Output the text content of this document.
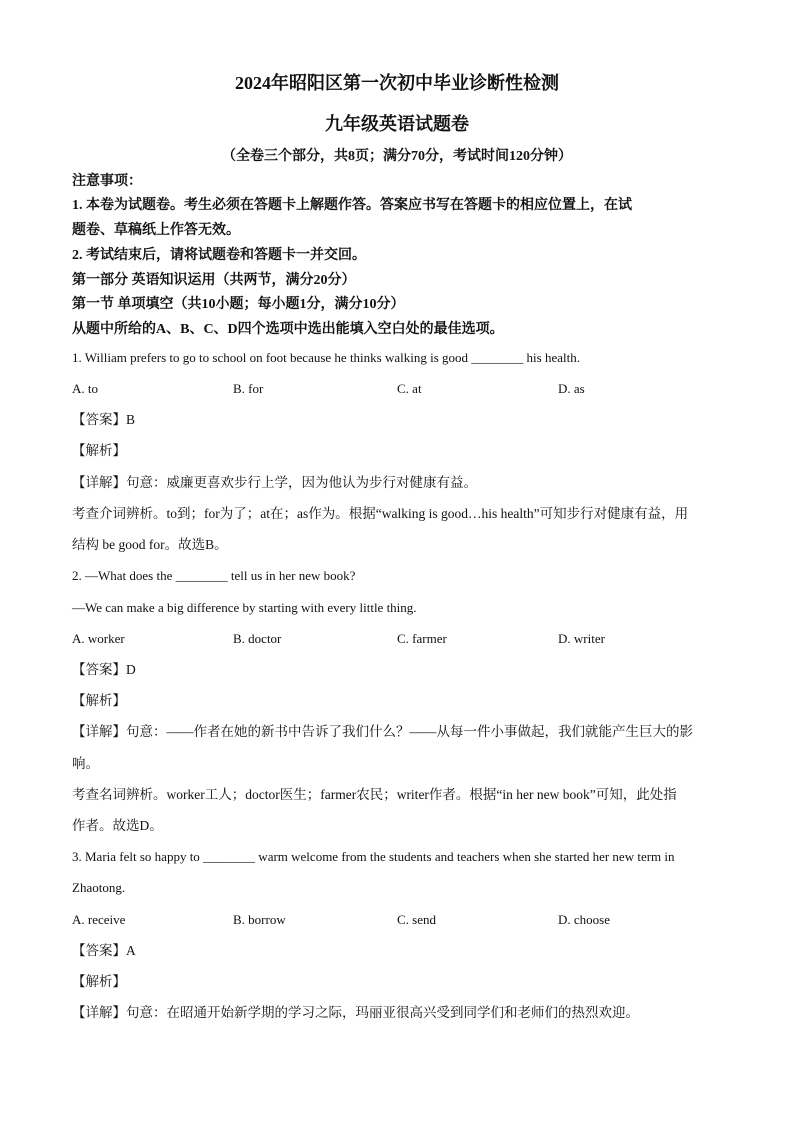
2024年昭阳区第一次初中毕业诊断性检测
九年级英语试题卷
（全卷三个部分，共8页；满分70分，考试时间120分钟）
注意事项：
1. 本卷为试题卷。考生必须在答题卡上解题作答。答案应书写在答题卡的相应位置上，在试
题卷、草稿纸上作答无效。
2. 考试结束后，请将试题卷和答题卡一并交回。
第一部分 英语知识运用（共两节，满分20分）
第一节 单项填空（共10小题；每小题1分，满分10分）
从题中所给的A、B、C、D四个选项中选出能填入空白处的最佳选项。
1. William prefers to go to school on foot because he thinks walking is good ________ his health.
A. to	B. for	C. at	D. as
【答案】B
【解析】
【详解】句意：威廉更喜欢步行上学，因为他认为步行对健康有益。
考查介词辨析。to到；for为了；at在；as作为。根据“walking is good…his health”可知步行对健康有益，用
结构 be good for。故选B。
2. —What does the ________ tell us in her new book?
—We can make a big difference by starting with every little thing.
A. worker	B. doctor	C. farmer	D. writer
【答案】D
【解析】
【详解】句意：——作者在她的新书中告诉了我们什么？——从每一件小事做起，我们就能产生巨大的影
响。
考查名词辨析。worker工人；doctor医生；farmer农民；writer作者。根据“in her new book”可知，此处指
作者。故选D。
3. Maria felt so happy to ________ warm welcome from the students and teachers when she started her new term in
Zhaotong.
A. receive	B. borrow	C. send	D. choose
【答案】A
【解析】
【详解】句意：在昭通开始新学期的学习之际，玛丽亚很高兴受到同学们和老师们的热烈欢迎。
